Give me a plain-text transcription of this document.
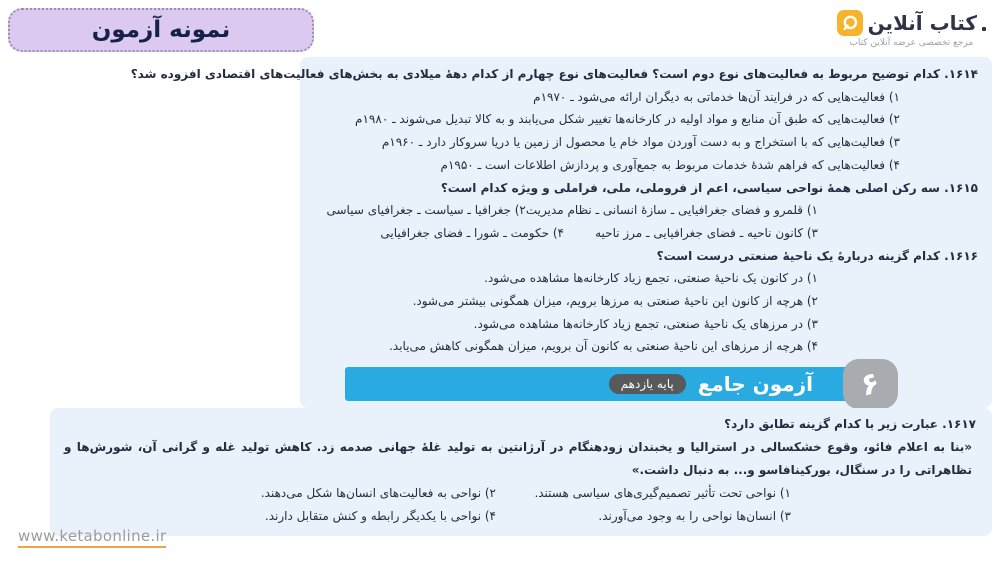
نمونه آزمون	کتاب آنلاین
مرجع تخصصی عرضه آنلاین کتاب
۱۶۱۴. کدام توضیح مربوط به فعالیت‌های نوع دوم است؟ فعالیت‌های نوع چهارم از کدام دهۀ میلادی به بخش‌های فعالیت‌های اقتصادی افزوده شد؟
۱) فعالیت‌هایی که در فرایند آن‌ها خدماتی به دیگران ارائه می‌شود ـ ۱۹۷۰م
۲) فعالیت‌هایی که طبق آن منابع و مواد اولیه در کارخانه‌ها تغییر شکل می‌یابند و به کالا تبدیل می‌شوند ـ ۱۹۸۰م
۳) فعالیت‌هایی که با استخراج و به دست آوردن مواد خام یا محصول از زمین یا دریا سروکار دارد ـ ۱۹۶۰م
۴) فعالیت‌هایی که فراهم شدۀ خدمات مربوط به جمع‌آوری و پردازش اطلاعات است ـ ۱۹۵۰م
۱۶۱۵. سه رکن اصلی همۀ نواحی سیاسی، اعم از فروملی، ملی، فراملی و ویژه کدام است؟
۱) قلمرو و فضای جغرافیایی ـ سازۀ انسانی ـ نظام مدیریت
۲) جغرافیا ـ سیاست ـ جغرافیای سیاسی
۳) کانون ناحیه ـ فضای جغرافیایی ـ مرز ناحیه
۴) حکومت ـ شورا ـ فضای جغرافیایی
۱۶۱۶. کدام گزینه دربارۀ یک ناحیۀ صنعتی درست است؟
۱) در کانون یک ناحیۀ صنعتی، تجمع زیاد کارخانه‌ها مشاهده می‌شود.
۲) هرچه از کانون این ناحیۀ صنعتی به مرزها برویم، میزان همگونی بیشتر می‌شود.
۳) در مرزهای یک ناحیۀ صنعتی، تجمع زیاد کارخانه‌ها مشاهده می‌شود.
۴) هرچه از مرزهای این ناحیۀ صنعتی به کانون آن برویم، میزان همگونی کاهش می‌یابد.
آزمون جامع
پایه یازدهم	۶
۱۶۱۷. عبارت زیر با کدام گزینه تطابق دارد؟
«بنا به اعلام فائو، وقوع خشکسالی در استرالیا و یخبندان زودهنگام در آرژانتین به تولید غلۀ جهانی صدمه زد. کاهش تولید غله و گرانی آن، شورش‌ها و تظاهراتی را در سنگال، بورکینافاسو و... به دنبال داشت.»
۱) نواحی تحت تأثیر تصمیم‌گیری‌های سیاسی هستند.
۲) نواحی به فعالیت‌های انسان‌ها شکل می‌دهند.
۳) انسان‌ها نواحی را به وجود می‌آورند.
۴) نواحی با یکدیگر رابطه و کنش متقابل دارند.
www.ketabonline.ir
